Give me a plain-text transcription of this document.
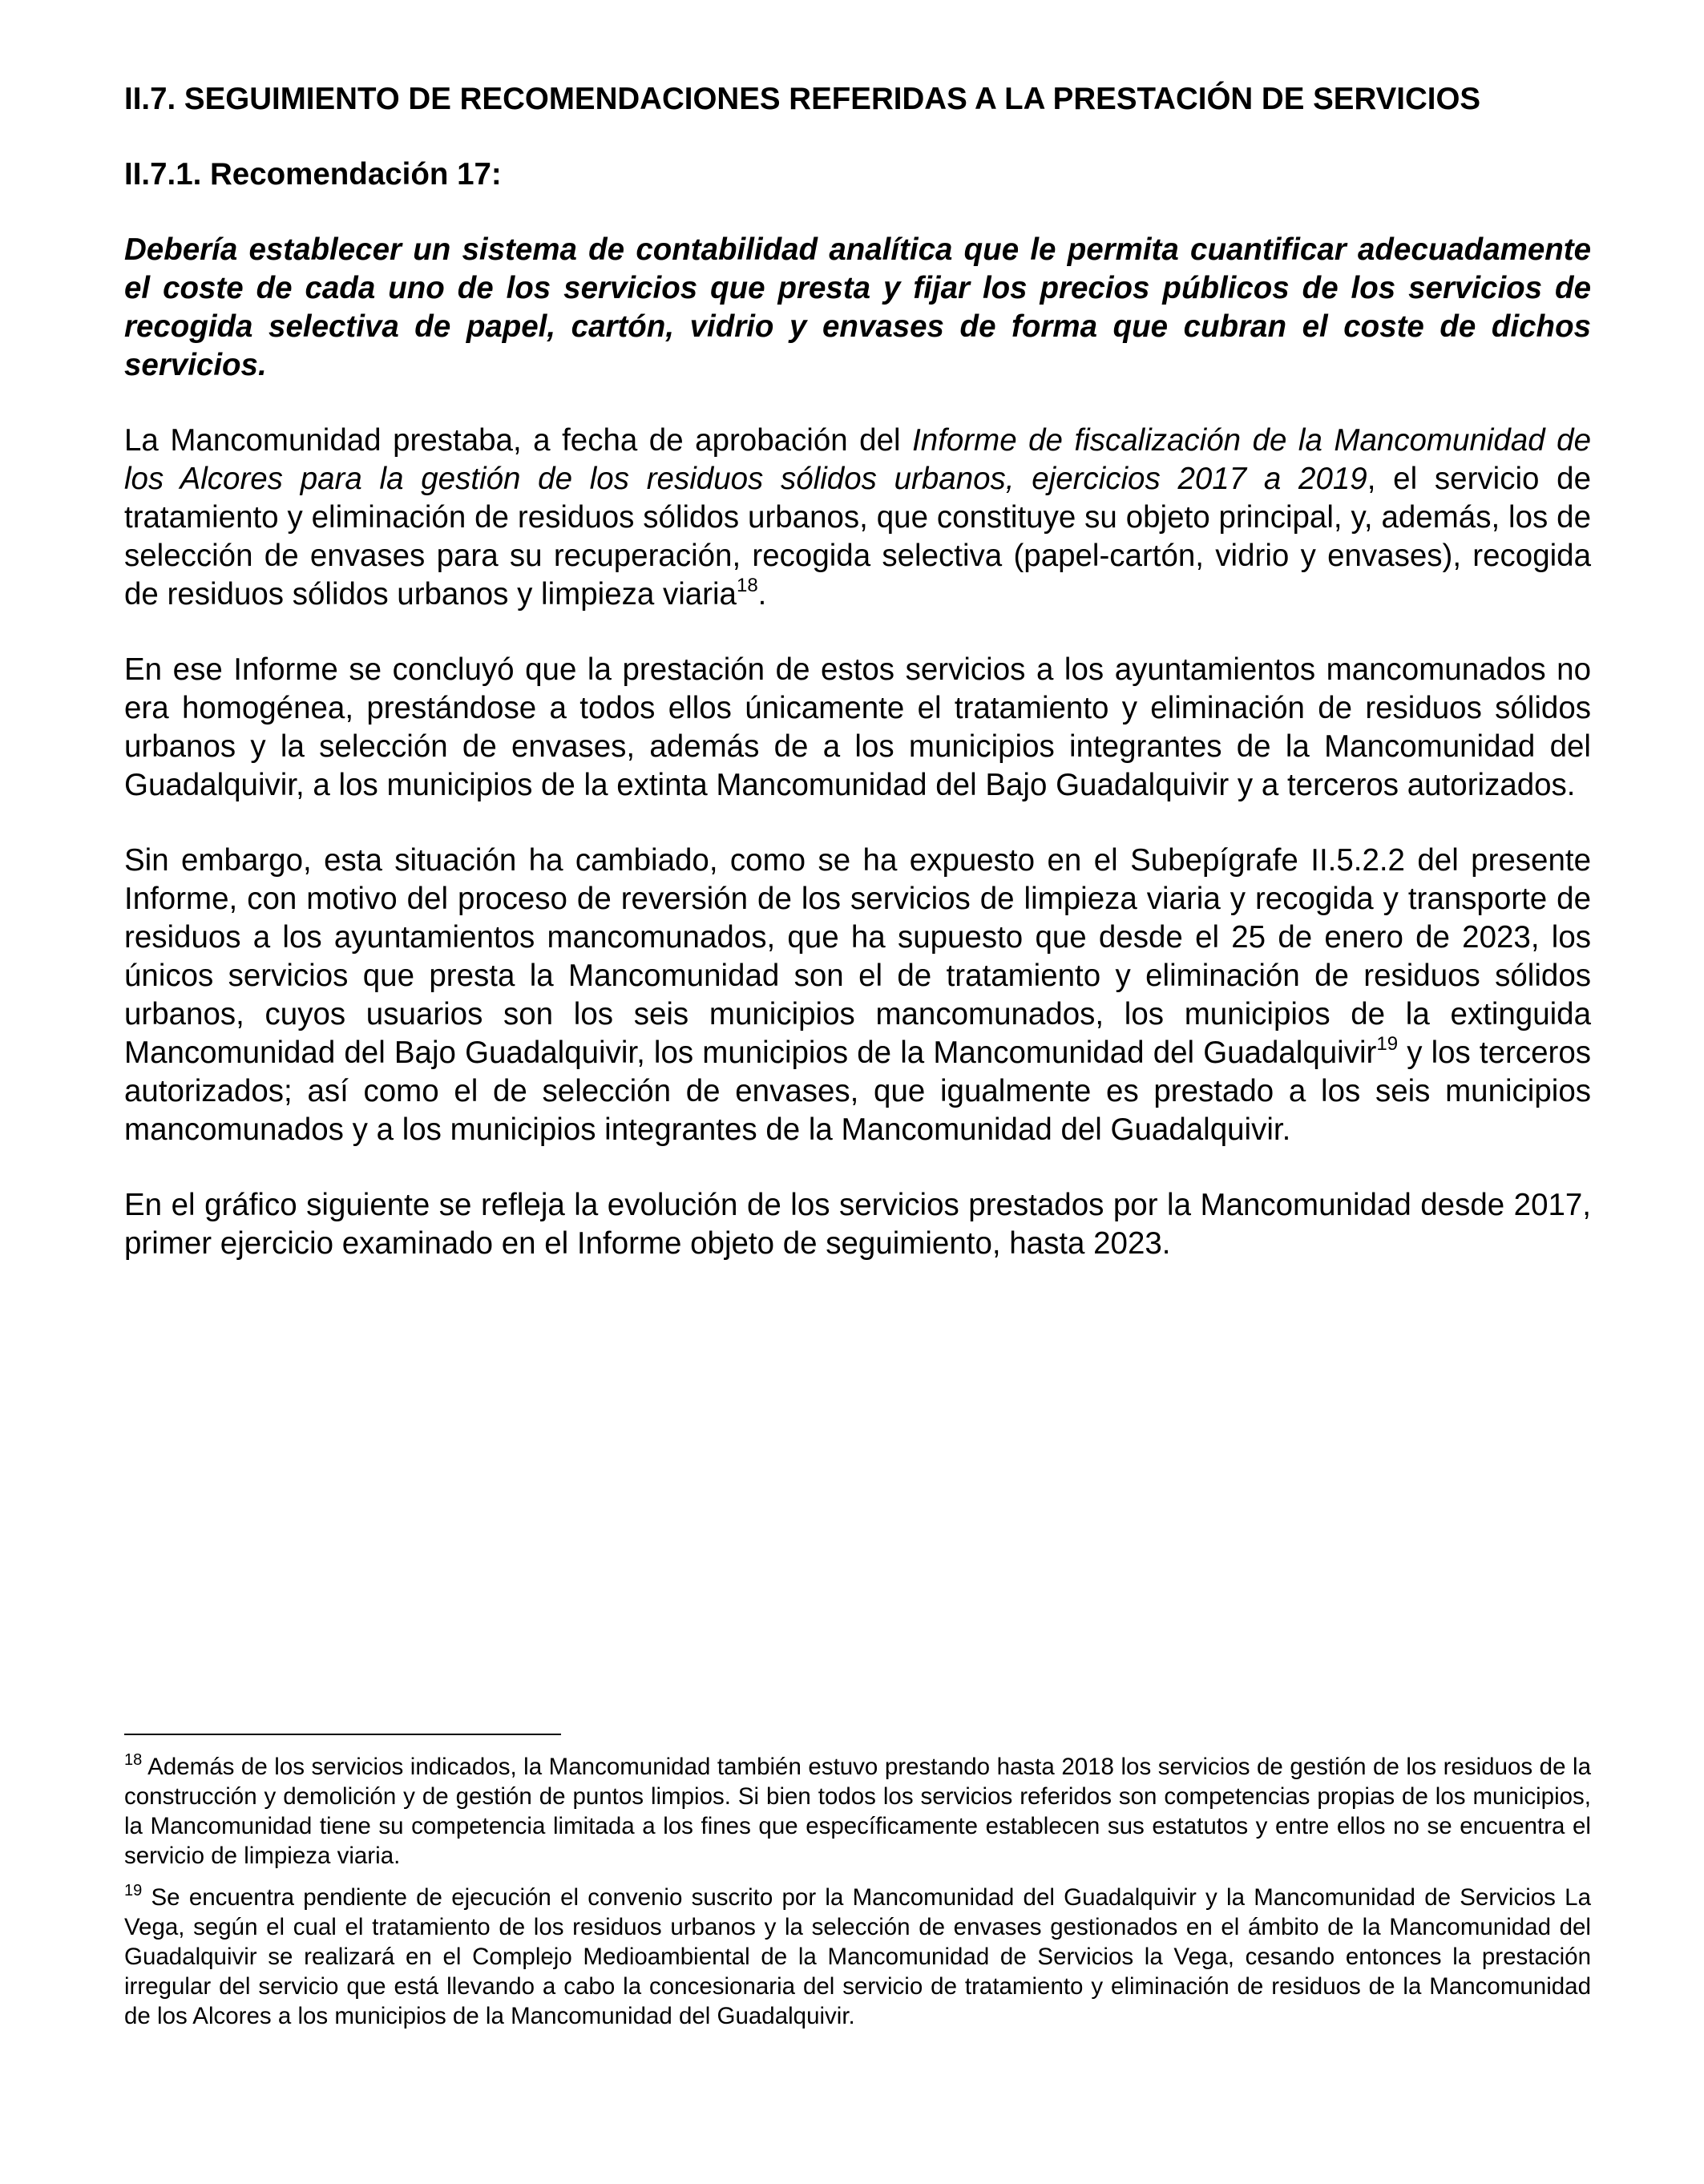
II.7. SEGUIMIENTO DE RECOMENDACIONES REFERIDAS A LA PRESTACIÓN DE SERVICIOS
II.7.1. Recomendación 17:

Debería establecer un sistema de contabilidad analítica que le permita cuantificar adecuadamente el coste de cada uno de los servicios que presta y fijar los precios públicos de los servicios de recogida selectiva de papel, cartón, vidrio y envases de forma que cubran el coste de dichos servicios.

La Mancomunidad prestaba, a fecha de aprobación del Informe de fiscalización de la Mancomunidad de los Alcores para la gestión de los residuos sólidos urbanos, ejercicios 2017 a 2019, el servicio de tratamiento y eliminación de residuos sólidos urbanos, que constituye su objeto principal, y, además, los de selección de envases para su recuperación, recogida selectiva (papel-cartón, vidrio y envases), recogida de residuos sólidos urbanos y limpieza viaria$^{18}$.

En ese Informe se concluyó que la prestación de estos servicios a los ayuntamientos mancomunados no era homogénea, prestándose a todos ellos únicamente el tratamiento y eliminación de residuos sólidos urbanos y la selección de envases, además de a los municipios integrantes de la Mancomunidad del Guadalquivir, a los municipios de la extinta Mancomunidad del Bajo Guadalquivir y a terceros autorizados.

Sin embargo, esta situación ha cambiado, como se ha expuesto en el Subepígrafe II.5.2.2 del presente Informe, con motivo del proceso de reversión de los servicios de limpieza viaria y recogida y transporte de residuos a los ayuntamientos mancomunados, que ha supuesto que desde el 25 de enero de 2023, los únicos servicios que presta la Mancomunidad son el de tratamiento y eliminación de residuos sólidos urbanos, cuyos usuarios son los seis municipios mancomunados, los municipios de la extinguida Mancomunidad del Bajo Guadalquivir, los municipios de la Mancomunidad del Guadalquivir$^{19}$ y los terceros autorizados; así como el de selección de envases, que igualmente es prestado a los seis municipios mancomunados y a los municipios integrantes de la Mancomunidad del Guadalquivir.

En el gráfico siguiente se refleja la evolución de los servicios prestados por la Mancomunidad desde 2017, primer ejercicio examinado en el Informe objeto de seguimiento, hasta 2023.

$^{18}$ Además de los servicios indicados, la Mancomunidad también estuvo prestando hasta 2018 los servicios de gestión de los residuos de la construcción y demolición y de gestión de puntos limpios. Si bien todos los servicios referidos son competencias propias de los municipios, la Mancomunidad tiene su competencia limitada a los fines que específicamente establecen sus estatutos y entre ellos no se encuentra el servicio de limpieza viaria.

$^{19}$ Se encuentra pendiente de ejecución el convenio suscrito por la Mancomunidad del Guadalquivir y la Mancomunidad de Servicios La Vega, según el cual el tratamiento de los residuos urbanos y la selección de envases gestionados en el ámbito de la Mancomunidad del Guadalquivir se realizará en el Complejo Medioambiental de la Mancomunidad de Servicios la Vega, cesando entonces la prestación irregular del servicio que está llevando a cabo la concesionaria del servicio de tratamiento y eliminación de residuos de la Mancomunidad de los Alcores a los municipios de la Mancomunidad del Guadalquivir.
